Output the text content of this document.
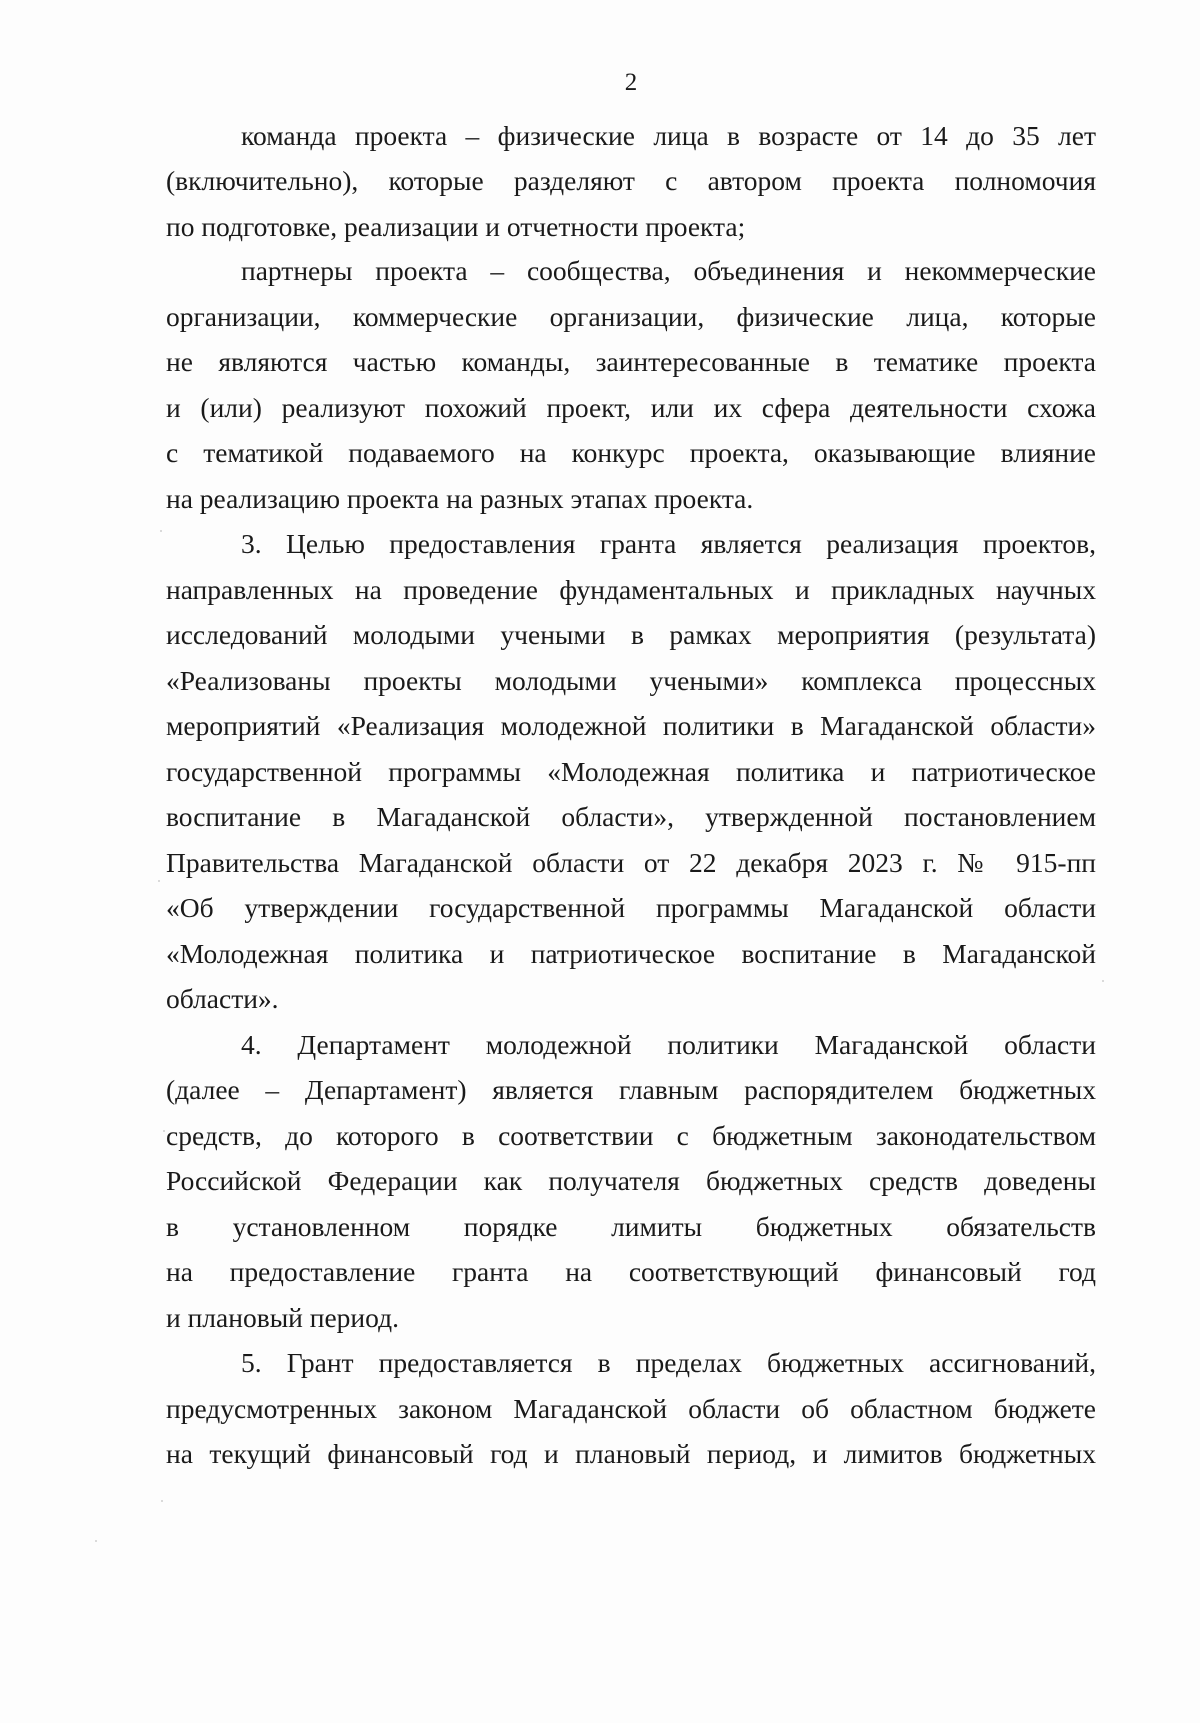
2
команда проекта – физические лица в возрасте от 14 до 35 лет
(включительно), которые разделяют с автором проекта полномочия
по подготовке, реализации и отчетности проекта;
партнеры проекта – сообщества, объединения и некоммерческие
организации, коммерческие организации, физические лица, которые
не являются частью команды, заинтересованные в тематике проекта
и (или) реализуют похожий проект, или их сфера деятельности схожа
с тематикой подаваемого на конкурс проекта, оказывающие влияние
на реализацию проекта на разных этапах проекта.
3. Целью предоставления гранта является реализация проектов,
направленных на проведение фундаментальных и прикладных научных
исследований молодыми учеными в рамках мероприятия (результата)
«Реализованы проекты молодыми учеными» комплекса процессных
мероприятий «Реализация молодежной политики в Магаданской области»
государственной программы «Молодежная политика и патриотическое
воспитание в Магаданской области», утвержденной постановлением
Правительства Магаданской области от 22 декабря 2023 г. № 915-пп
«Об утверждении государственной программы Магаданской области
«Молодежная политика и патриотическое воспитание в Магаданской
области».
4. Департамент молодежной политики Магаданской области
(далее – Департамент) является главным распорядителем бюджетных
средств, до которого в соответствии с бюджетным законодательством
Российской Федерации как получателя бюджетных средств доведены
в установленном порядке лимиты бюджетных обязательств
на предоставление гранта на соответствующий финансовый год
и плановый период.
5. Грант предоставляется в пределах бюджетных ассигнований,
предусмотренных законом Магаданской области об областном бюджете
на текущий финансовый год и плановый период, и лимитов бюджетных
